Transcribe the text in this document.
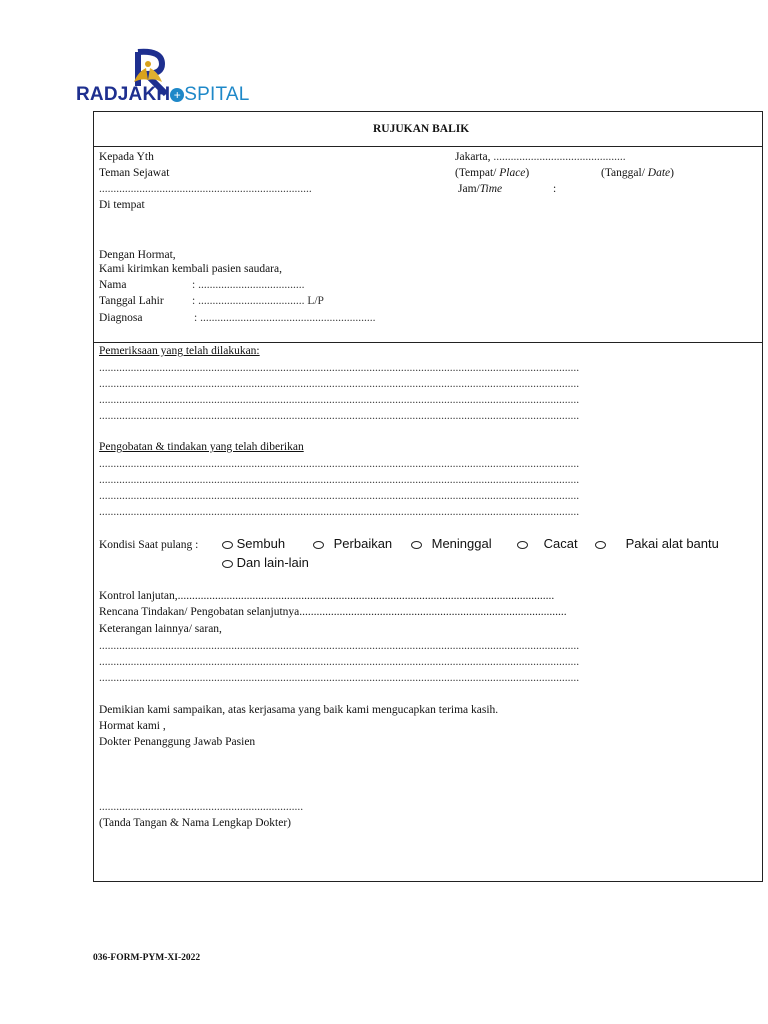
RADJAKH + SPITAL
RUJUKAN BALIK
Kepada Yth
Teman Sejawat
..........................................................................
Di tempat
Jakarta, ..............................................
(Tempat/ Place)	(Tanggal/ Date)
Jam/Time	:
Dengan Hormat,
Kami kirimkan kembali pasien saudara,
Nama	: .....................................
Tanggal Lahir : ..................................... L/P
Diagnosa	: .............................................................
Pemeriksaan yang telah dilakukan:
.......................................................................................................................................................................
.......................................................................................................................................................................
.......................................................................................................................................................................
.......................................................................................................................................................................
Pengobatan & tindakan yang telah diberikan
.......................................................................................................................................................................
.......................................................................................................................................................................
.......................................................................................................................................................................
.......................................................................................................................................................................
Kondisi Saat pulang :	Sembuh	Perbaikan	Meninggal	Cacat	Pakai alat bantu
Dan lain-lain
Kontrol lanjutan,...................................................................................................................................
Rencana Tindakan/ Pengobatan selanjutnya.............................................................................................
Keterangan lainnya/ saran,
.......................................................................................................................................................................
.......................................................................................................................................................................
.......................................................................................................................................................................
Demikian kami sampaikan, atas kerjasama yang baik kami mengucapkan terima kasih.
Hormat kami ,
Dokter Penanggung Jawab Pasien
.......................................................................
(Tanda Tangan & Nama Lengkap Dokter)
036-FORM-PYM-XI-2022
